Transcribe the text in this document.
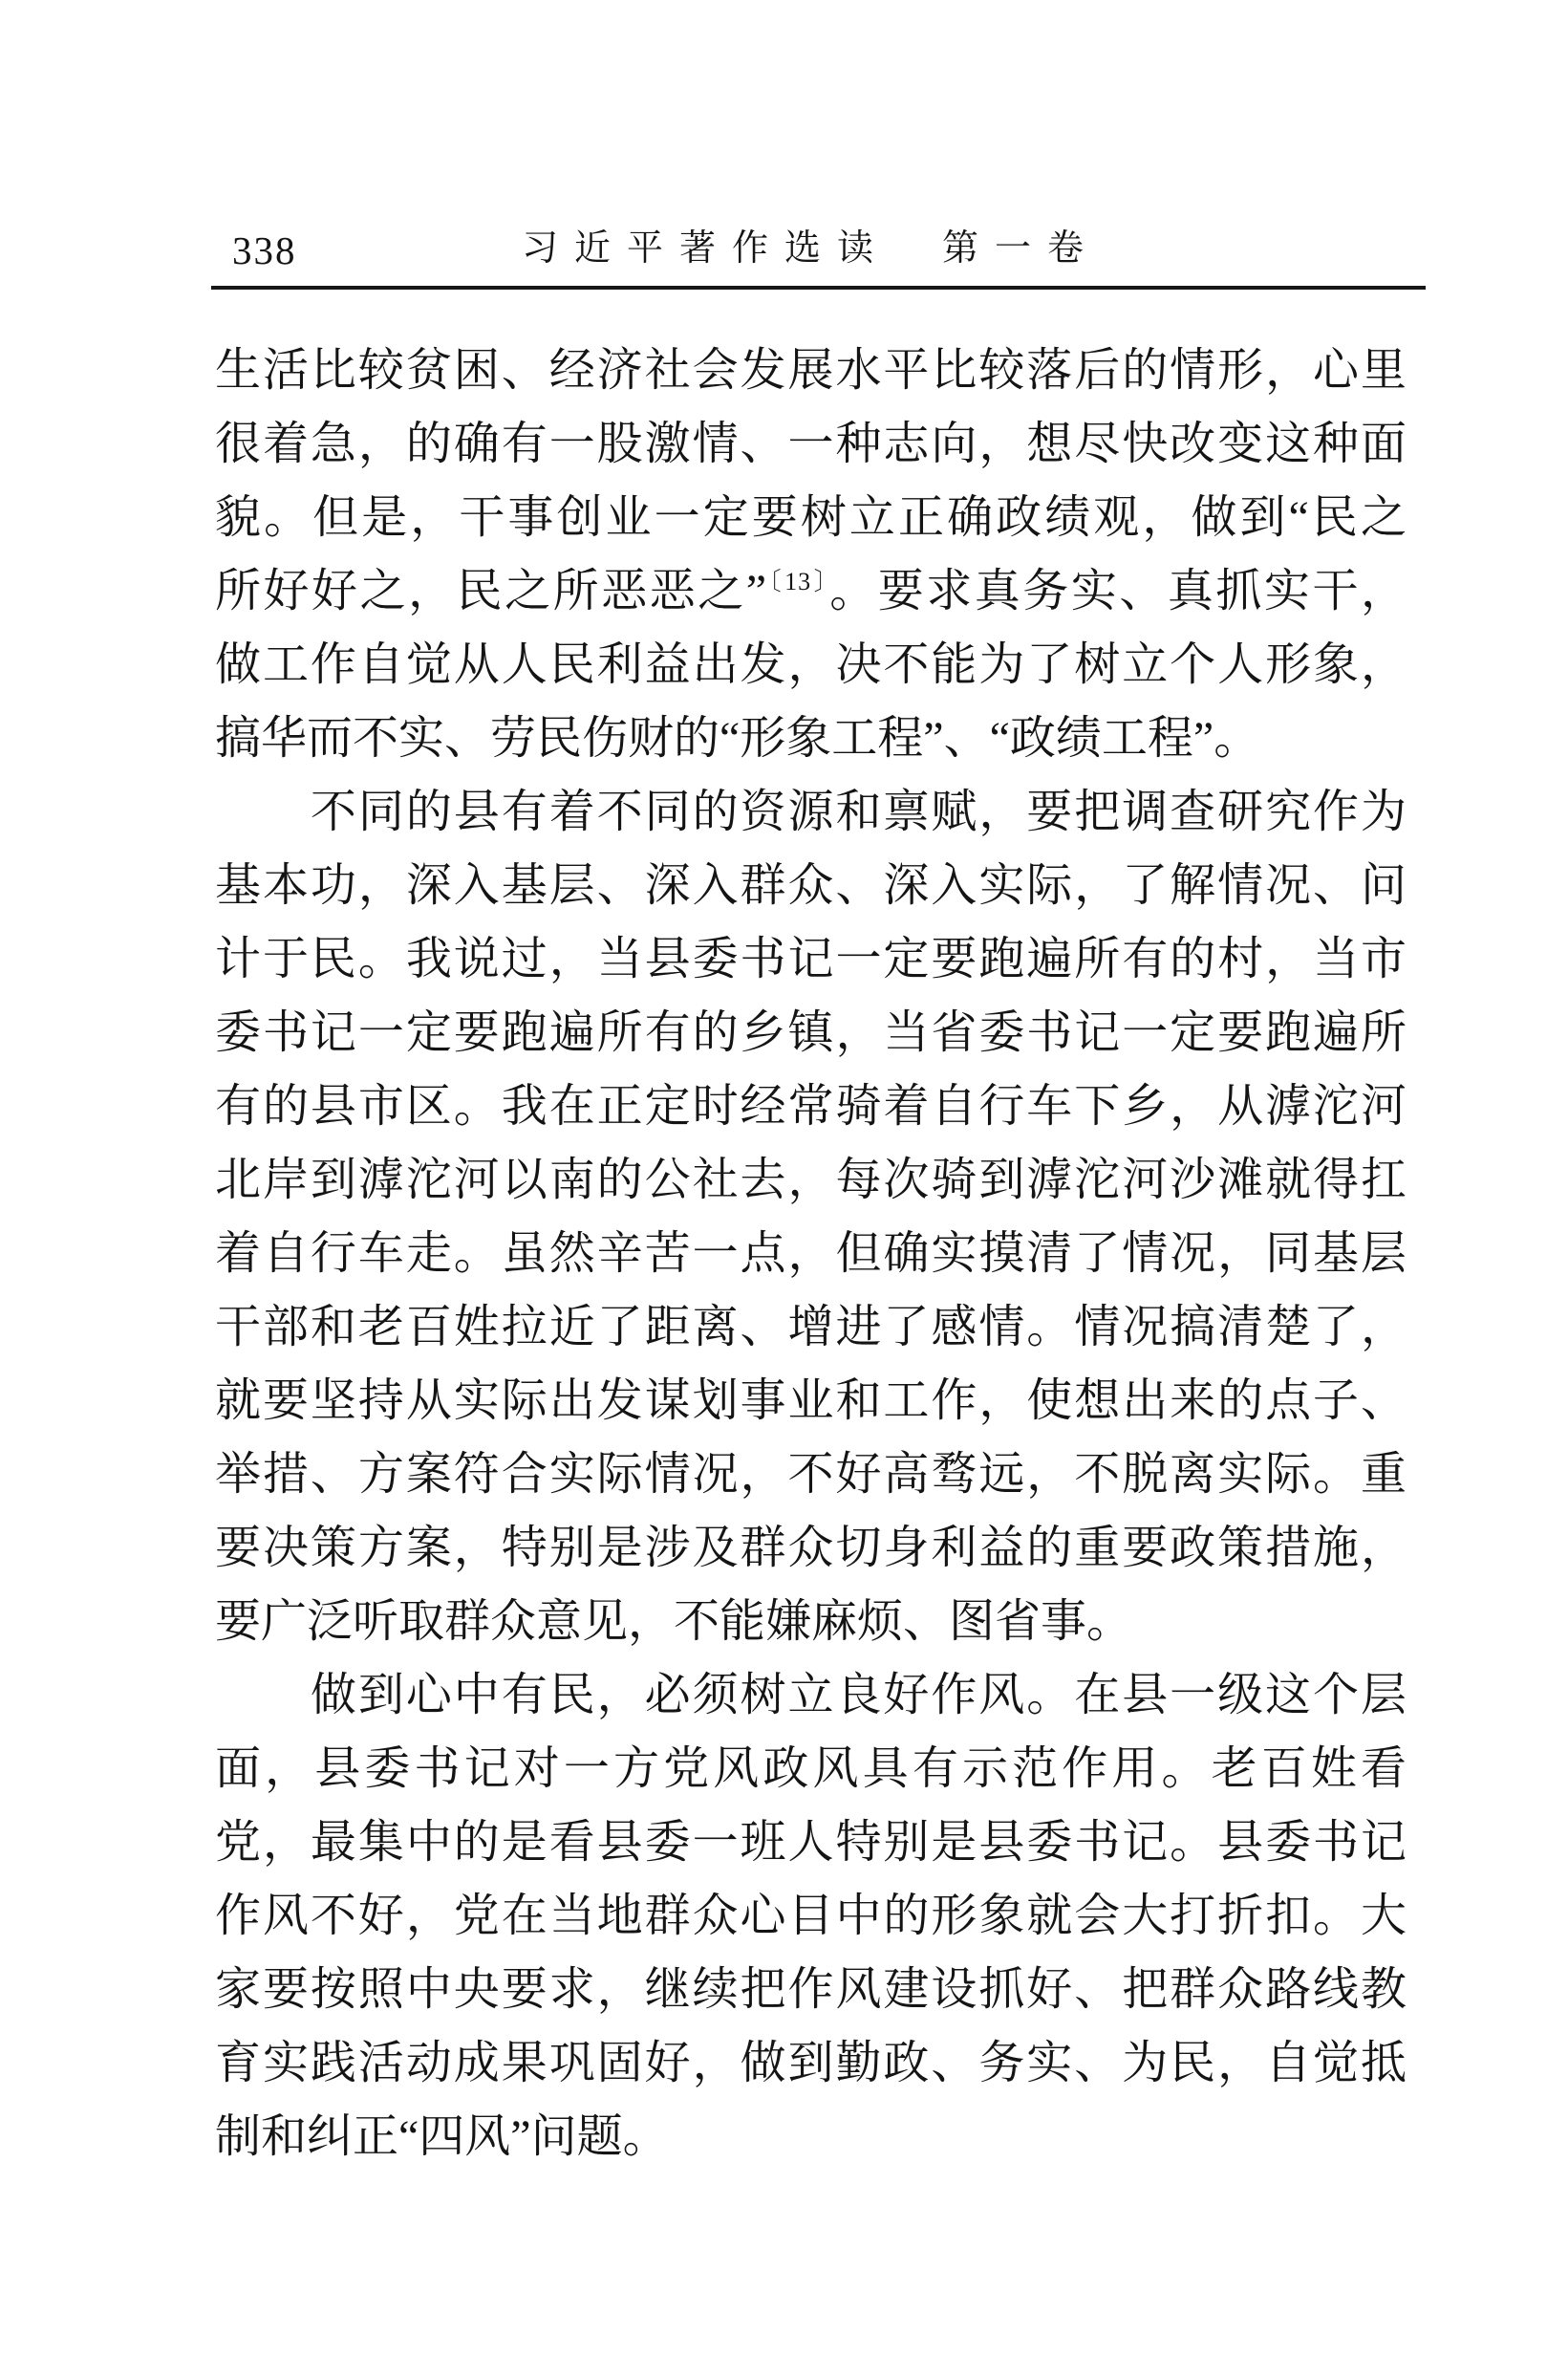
338	习近平著作选读　第一卷
生活比较贫困、经济社会发展水平比较落后的情形，心里
很着急，的确有一股激情、一种志向，想尽快改变这种面
貌。但是，干事创业一定要树立正确政绩观，做到“民之
所好好之，民之所恶恶之”$^{〔13〕}$。要求真务实、真抓实干，
做工作自觉从人民利益出发，决不能为了树立个人形象，
搞华而不实、劳民伤财的“形象工程”、“政绩工程”。
　　不同的县有着不同的资源和禀赋，要把调查研究作为
基本功，深入基层、深入群众、深入实际，了解情况、问
计于民。我说过，当县委书记一定要跑遍所有的村，当市
委书记一定要跑遍所有的乡镇，当省委书记一定要跑遍所
有的县市区。我在正定时经常骑着自行车下乡，从滹沱河
北岸到滹沱河以南的公社去，每次骑到滹沱河沙滩就得扛
着自行车走。虽然辛苦一点，但确实摸清了情况，同基层
干部和老百姓拉近了距离、增进了感情。情况搞清楚了，
就要坚持从实际出发谋划事业和工作，使想出来的点子、
举措、方案符合实际情况，不好高骛远，不脱离实际。重
要决策方案，特别是涉及群众切身利益的重要政策措施，
要广泛听取群众意见，不能嫌麻烦、图省事。
　　做到心中有民，必须树立良好作风。在县一级这个层
面，县委书记对一方党风政风具有示范作用。老百姓看
党，最集中的是看县委一班人特别是县委书记。县委书记
作风不好，党在当地群众心目中的形象就会大打折扣。大
家要按照中央要求，继续把作风建设抓好、把群众路线教
育实践活动成果巩固好，做到勤政、务实、为民，自觉抵
制和纠正“四风”问题。
